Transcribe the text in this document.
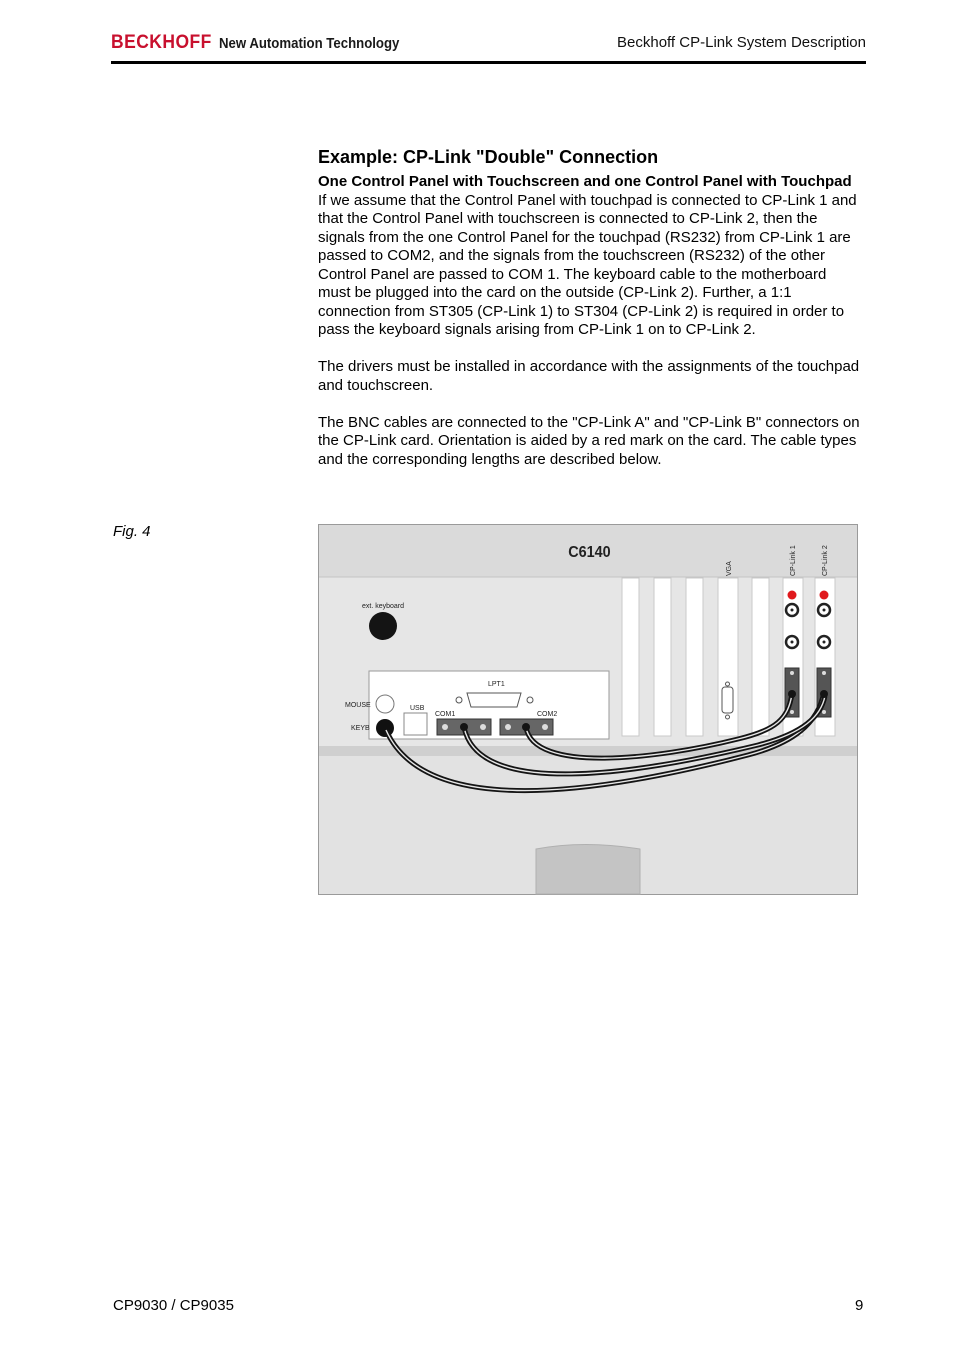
BECKHOFF New Automation Technology	Beckhoff CP-Link System Description
Example: CP-Link "Double" Connection

One Control Panel with Touchscreen and one Control Panel with Touchpad

If we assume that the Control Panel with touchpad is connected to CP-Link 1 and that the Control Panel with touchscreen is connected to CP-Link 2, then the signals from the one Control Panel for the touchpad (RS232) from CP-Link 1 are passed to COM2, and the signals from the touchscreen (RS232) of the other Control Panel are passed to COM 1. The keyboard cable to the motherboard must be plugged into the card on the outside (CP-Link 2). Further, a 1:1 connection from ST305 (CP-Link 1) to ST304 (CP-Link 2) is required in order to pass the keyboard signals arising from CP-Link 1 on to CP-Link 2.

The drivers must be installed in accordance with the assignments of the touchpad and touchscreen.

The BNC cables are connected to the "CP-Link A" and "CP-Link B" connectors on the CP-Link card. Orientation is aided by a red mark on the card. The cable types and the corresponding lengths are described below.

Fig. 4
C6140
VGA	CP-Link 1	CP-Link 2
ext. keyboard
MOUSE
KEYB
USB
LPT1
COM1	COM2
CP9030 / CP9035	9
